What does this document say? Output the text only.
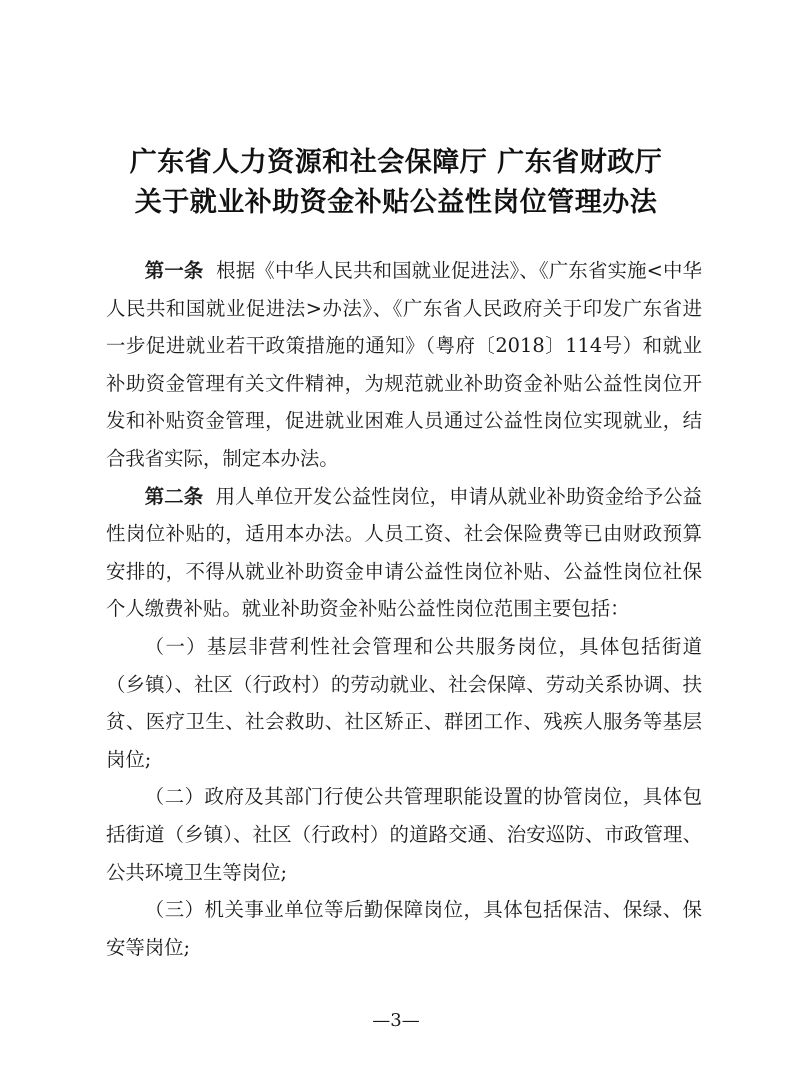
广东省人力资源和社会保障厅 广东省财政厅
关于就业补助资金补贴公益性岗位管理办法

第一条 根据《中华人民共和国就业促进法》、《广东省实施<中华人民共和国就业促进法>办法》、《广东省人民政府关于印发广东省进一步促进就业若干政策措施的通知》（粤府〔2018〕114号）和就业补助资金管理有关文件精神，为规范就业补助资金补贴公益性岗位开发和补贴资金管理，促进就业困难人员通过公益性岗位实现就业，结合我省实际，制定本办法。

第二条 用人单位开发公益性岗位，申请从就业补助资金给予公益性岗位补贴的，适用本办法。人员工资、社会保险费等已由财政预算安排的，不得从就业补助资金申请公益性岗位补贴、公益性岗位社保个人缴费补贴。就业补助资金补贴公益性岗位范围主要包括：

（一）基层非营利性社会管理和公共服务岗位，具体包括街道（乡镇）、社区（行政村）的劳动就业、社会保障、劳动关系协调、扶贫、医疗卫生、社会救助、社区矫正、群团工作、残疾人服务等基层岗位;

（二）政府及其部门行使公共管理职能设置的协管岗位，具体包括街道（乡镇）、社区（行政村）的道路交通、治安巡防、市政管理、公共环境卫生等岗位;

（三）机关事业单位等后勤保障岗位，具体包括保洁、保绿、保安等岗位;

—3—
